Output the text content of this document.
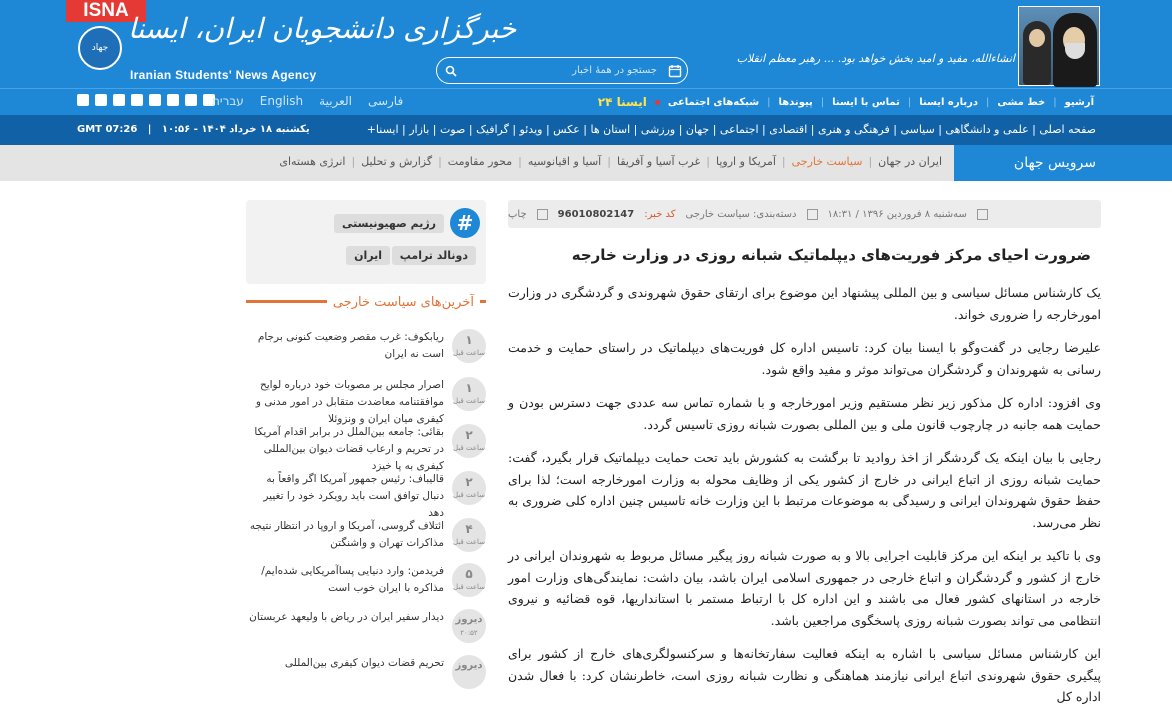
ISNA
جهاد
خبرگزاری دانشجویان ایران، ایسنا
Iranian Students' News Agency
جستجو در همهٔ اخبار
انشاءالله، مفید و امید بخش خواهد بود. ... رهبر معظم انقلاب
עברית English العربية فارسی	آرشیو
|
خط مشی
|
درباره ایسنا
|
تماس با ایسنا
|
پیوندها
|
شبکه‌های اجتماعی
ایسنا ۲۴
صفحه اصلی | علمی و دانشگاهی | سیاسی | فرهنگی و هنری | اقتصادی | اجتماعی | جهان | ورزشی | استان ها | عکس | ویدئو | گرافیک | صوت | بازار | ایسنا+
GMT 07:26   |   یکشنبه ۱۸ خرداد ۱۴۰۴ - ۱۰:۵۶
سرویس جهان
ایران در جهان
|
سیاست خارجی
|
آمریکا و اروپا
|
غرب آسیا و آفریقا
|
آسیا و اقیانوسیه
|
محور مقاومت
|
گزارش و تحلیل
|
انرژی هسته‌ای
سه‌شنبه ۸ فروردین ۱۳۹۶ / ۱۸:۳۱
دسته‌بندی: سیاست خارجی
کد خبر:
96010802147
چاپ
ضرورت احیای مرکز فوریت‌های دیپلماتیک شبانه روزی در وزارت خارجه

یک کارشناس مسائل سیاسی و بین المللی پیشنهاد این موضوع برای ارتقای حقوق شهروندی و گردشگری در وزارت امورخارجه را ضروری خواند.

علیرضا رجایی در گفت‌وگو با ایسنا بیان کرد: تاسیس اداره کل فوریت‌های دیپلماتیک در راستای حمایت و خدمت رسانی به شهروندان و گردشگران می‌تواند موثر و مفید واقع شود.

وی افزود: اداره کل مذکور زیر نظر مستقیم وزیر امورخارجه و با شماره تماس سه عددی جهت دسترس بودن و حمایت همه جانبه در چارچوب قانون ملی و بین المللی بصورت شبانه روزی تاسیس گردد.

رجایی با بیان اینکه یک گردشگر از اخذ روادید تا برگشت به کشورش باید تحت حمایت دیپلماتیک قرار بگیرد، گفت: حمایت شبانه روزی از اتباع ایرانی در خارج از کشور یکی از وظایف محوله به وزارت امورخارجه است؛ لذا برای حفظ حقوق شهروندان ایرانی و رسیدگی به موضوعات مرتبط با این وزارت خانه تاسیس چنین اداره کلی ضروری به نظر می‌رسد.

وی با تاکید بر اینکه این مرکز قابلیت اجرایی بالا و به صورت شبانه روز پیگیر مسائل مربوط به شهروندان ایرانی در خارج از کشور و گردشگران و اتباع خارجی در جمهوری اسلامی ایران باشد، بیان داشت: نمایندگی‌های وزارت امور خارجه در استانهای کشور فعال می باشند و این اداره کل با ارتباط مستمر با استانداریها، قوه قضائیه و نیروی انتظامی می تواند بصورت شبانه روزی پاسخگوی مراجعین باشد.

این کارشناس مسائل سیاسی با اشاره به اینکه فعالیت سفارتخانه‌ها و سرکنسولگری‌های خارج از کشور برای پیگیری حقوق شهروندی اتباع ایرانی نیازمند هماهنگی و نظارت شبانه روزی است، خاطرنشان کرد: با فعال شدن اداره کل

#
رژیم صهیونیستی
دونالد ترامپ
ایران
آخرین‌های سیاست خارجی
۱
ساعت قبل
ریابکوف: غرب مقصر وضعیت کنونی برجام است نه ایران
۱
ساعت قبل
اصرار مجلس بر مصوبات خود درباره لوایح موافقتنامه معاضدت متقابل در امور مدنی و کیفری میان ایران و ونزوئلا
۲
ساعت قبل
بقائی: جامعه بین‌الملل در برابر اقدام آمریکا در تحریم و ارعاب قضات دیوان بین‌المللی کیفری به پا خیزد
۲
ساعت قبل
قالیباف: رئیس جمهور آمریکا اگر واقعاً به دنبال توافق است باید رویکرد خود را تغییر دهد
۴
ساعت قبل
ائتلاف گروسی، آمریکا و اروپا در انتظار نتیجه مذاکرات تهران و واشنگتن
۵
ساعت قبل
فریدمن: وارد دنیایی پساآمریکایی شده‌ایم/ مذاکره با ایران خوب است
دیروز
۲۰:۵۲
دیدار سفیر ایران در ریاض با ولیعهد عربستان
دیروز
تحریم قضات دیوان کیفری بین‌المللی
